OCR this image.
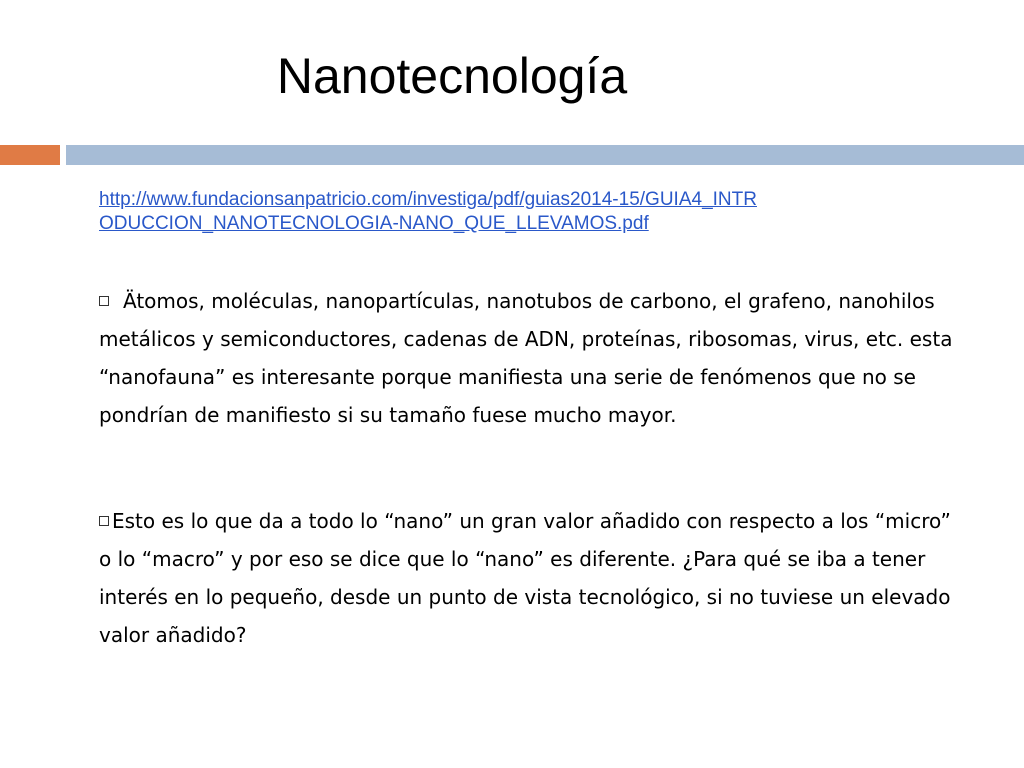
Nanotecnología

http://www.fundacionsanpatricio.com/investiga/pdf/guias2014-15/GUIA4_INTRODUCCION_NANOTECNOLOGIA-NANO_QUE_LLEVAMOS.pdf

Ätomos, moléculas, nanopartículas, nanotubos de carbono, el grafeno, nanohilos metálicos y semiconductores, cadenas de ADN, proteínas, ribosomas, virus, etc. esta “nanofauna” es interesante porque manifiesta una serie de fenómenos que no se pondrían de manifiesto si su tamaño fuese mucho mayor.

Esto es lo que da a todo lo “nano” un gran valor añadido con respecto a los “micro” o lo “macro” y por eso se dice que lo “nano” es diferente. ¿Para qué se iba a tener interés en lo pequeño, desde un punto de vista tecnológico, si no tuviese un elevado valor añadido?
